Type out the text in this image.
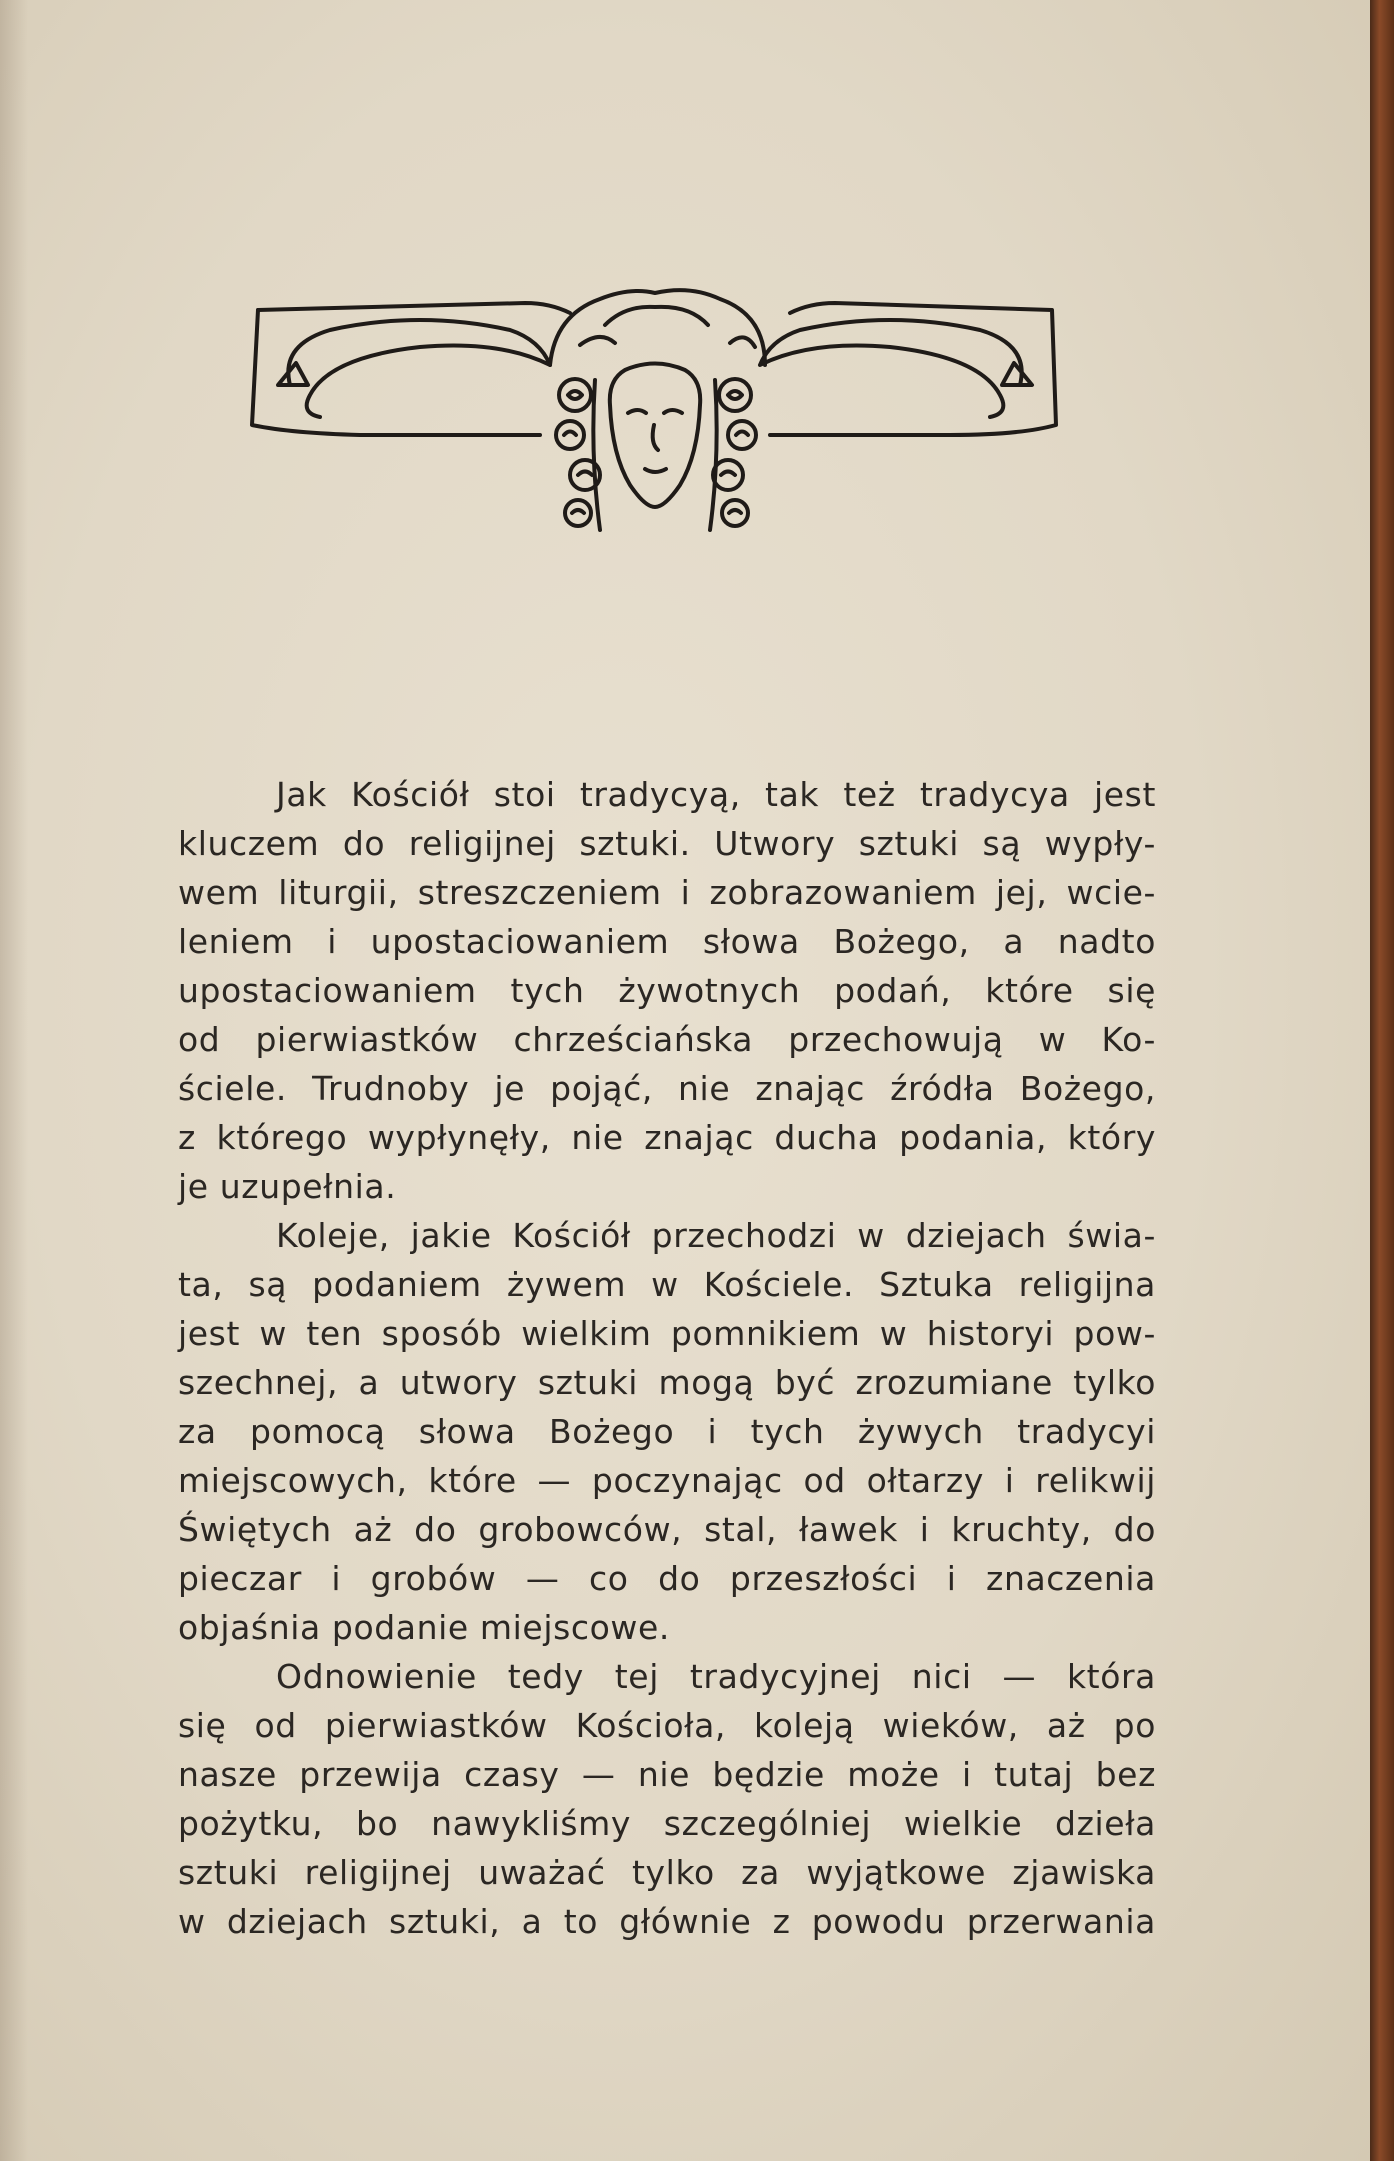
Jak Kościół stoi tradycyą, tak też tradycya jest
kluczem do religijnej sztuki. Utwory sztuki są wypły-
wem liturgii, streszczeniem i zobrazowaniem jej, wcie-
leniem i upostaciowaniem słowa Bożego, a nadto
upostaciowaniem tych żywotnych podań, które się
od pierwiastków chrześciańska przechowują w Ko-
ściele. Trudnoby je pojąć, nie znając źródła Bożego,
z którego wypłynęły, nie znając ducha podania, który
je uzupełnia.

Koleje, jakie Kościół przechodzi w dziejach świa-
ta, są podaniem żywem w Kościele. Sztuka religijna
jest w ten sposób wielkim pomnikiem w historyi pow-
szechnej, a utwory sztuki mogą być zrozumiane tylko
za pomocą słowa Bożego i tych żywych tradycyi
miejscowych, które — poczynając od ołtarzy i relikwij
Świętych aż do grobowców, stal, ławek i kruchty, do
pieczar i grobów — co do przeszłości i znaczenia
objaśnia podanie miejscowe.

Odnowienie tedy tej tradycyjnej nici — która
się od pierwiastków Kościoła, koleją wieków, aż po
nasze przewija czasy — nie będzie może i tutaj bez
pożytku, bo nawykliśmy szczególniej wielkie dzieła
sztuki religijnej uważać tylko za wyjątkowe zjawiska
w dziejach sztuki, a to głównie z powodu przerwania
